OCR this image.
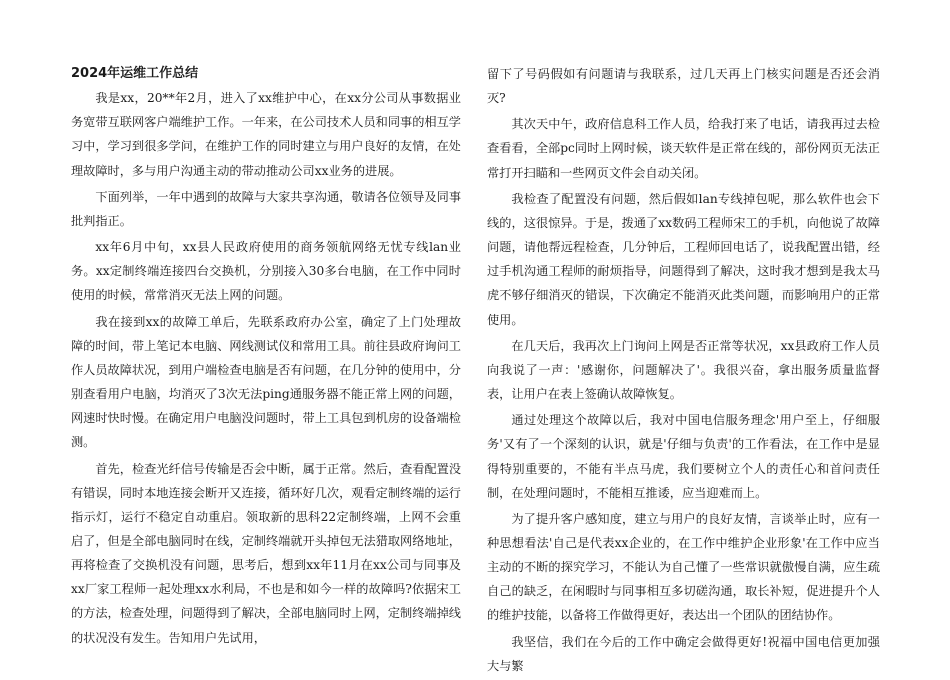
2024年运维工作总结

我是xx，20**年2月，进入了xx维护中心，在xx分公司从事数据业务宽带互联网客户端维护工作。一年来，在公司技术人员和同事的相互学习中，学习到很多学问，在维护工作的同时建立与用户良好的友情，在处理故障时，多与用户沟通主动的带动推动公司xx业务的进展。

下面列举，一年中遇到的故障与大家共享沟通，敬请各位领导及同事批判指正。

xx年6月中旬，xx县人民政府使用的商务领航网络无忧专线lan业务。xx定制终端连接四台交换机，分别接入30多台电脑，在工作中同时使用的时候，常常消灭无法上网的问题。

我在接到xx的故障工单后，先联系政府办公室，确定了上门处理故障的时间，带上笔记本电脑、网线测试仪和常用工具。前往县政府询问工作人员故障状况，到用户端检查电脑是否有问题，在几分钟的使用中，分别查看用户电脑，均消灭了3次无法ping通服务器不能正常上网的问题，网速时快时慢。在确定用户电脑没问题时，带上工具包到机房的设备端检测。

首先，检查光纤信号传输是否会中断，属于正常。然后，查看配置没有错误，同时本地连接会断开又连接，循环好几次，观看定制终端的运行指示灯，运行不稳定自动重启。领取新的思科22定制终端，上网不会重启了，但是全部电脑同时在线，定制终端就开头掉包无法猎取网络地址，再将检查了交换机没有问题，思考后，想到xx年11月在xx公司与同事及xx厂家工程师一起处理xx水利局，不也是和如今一样的故障吗?依据宋工的方法，检查处理，问题得到了解决，全部电脑同时上网，定制终端掉线的状况没有发生。告知用户先试用，

留下了号码假如有问题请与我联系，过几天再上门核实问题是否还会消灭?

其次天中午，政府信息科工作人员，给我打来了电话，请我再过去检查看看，全部pc同时上网时候，谈天软件是正常在线的，部份网页无法正常打开扫瞄和一些网页文件会自动关闭。

我检查了配置没有问题，然后假如lan专线掉包呢，那么软件也会下线的，这很惊异。于是，拨通了xx数码工程师宋工的手机，向他说了故障问题，请他帮远程检查，几分钟后，工程师回电话了，说我配置出错，经过手机沟通工程师的耐烦指导，问题得到了解决，这时我才想到是我太马虎不够仔细消灭的错误，下次确定不能消灭此类问题，而影响用户的正常使用。

在几天后，我再次上门询问上网是否正常等状况，xx县政府工作人员向我说了一声：'感谢你，问题解决了'。我很兴奋，拿出服务质量监督表，让用户在表上签确认故障恢复。

通过处理这个故障以后，我对中国电信服务理念'用户至上，仔细服务'又有了一个深刻的认识，就是'仔细与负责'的工作看法，在工作中是显得特别重要的，不能有半点马虎，我们要树立个人的责任心和首问责任制，在处理问题时，不能相互推诿，应当迎难而上。

为了提升客户感知度，建立与用户的良好友情，言谈举止时，应有一种思想看法'自己是代表xx企业的，在工作中维护企业形象'在工作中应当主动的不断的探究学习，不能认为自己懂了一些常识就傲慢自满，应生疏自己的缺乏，在闲暇时与同事相互多切磋沟通，取长补短，促进提升个人的维护技能，以备将工作做得更好，表达出一个团队的团结协作。

我坚信，我们在今后的工作中确定会做得更好!祝福中国电信更加强大与繁
